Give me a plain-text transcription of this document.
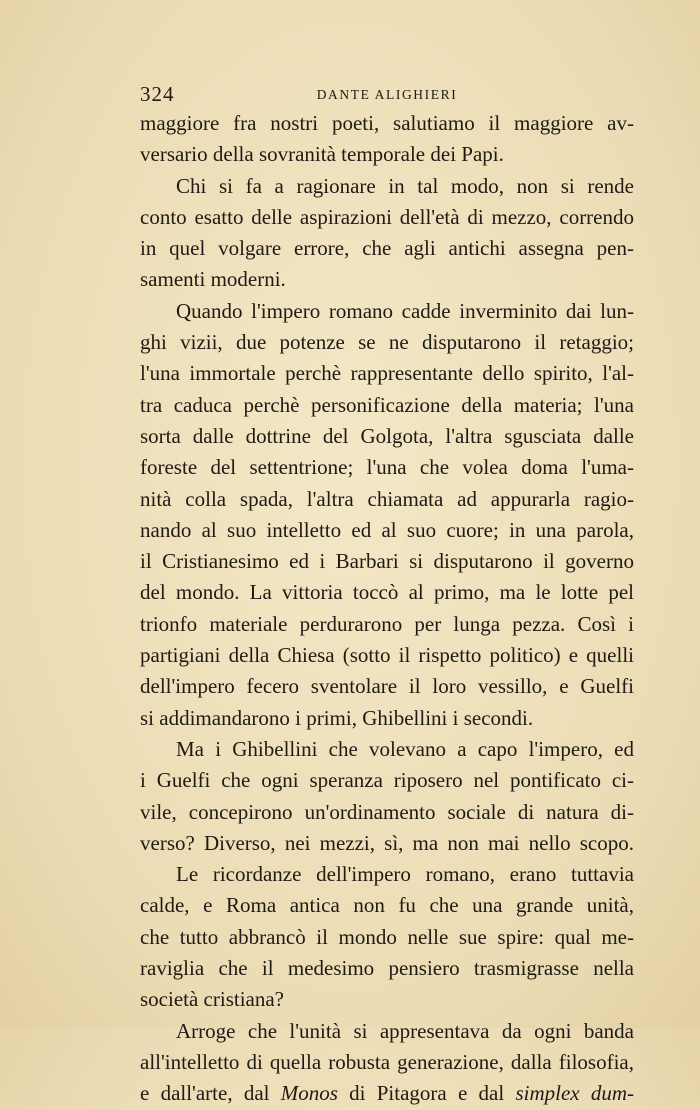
324	DANTE ALIGHIERI
maggiore fra nostri poeti, salutiamo il maggiore av-
versario della sovranità temporale dei Papi.
Chi si fa a ragionare in tal modo, non si rende
conto esatto delle aspirazioni dell'età di mezzo, correndo
in quel volgare errore, che agli antichi assegna pen-
samenti moderni.
Quando l'impero romano cadde inverminito dai lun-
ghi vizii, due potenze se ne disputarono il retaggio;
l'una immortale perchè rappresentante dello spirito, l'al-
tra caduca perchè personificazione della materia; l'una
sorta dalle dottrine del Golgota, l'altra sgusciata dalle
foreste del settentrione; l'una che volea doma l'uma-
nità colla spada, l'altra chiamata ad appurarla ragio-
nando al suo intelletto ed al suo cuore; in una parola,
il Cristianesimo ed i Barbari si disputarono il governo
del mondo. La vittoria toccò al primo, ma le lotte pel
trionfo materiale perdurarono per lunga pezza. Così i
partigiani della Chiesa (sotto il rispetto politico) e quelli
dell'impero fecero sventolare il loro vessillo, e Guelfi
si addimandarono i primi, Ghibellini i secondi.
Ma i Ghibellini che volevano a capo l'impero, ed
i Guelfi che ogni speranza riposero nel pontificato ci-
vile, concepirono un'ordinamento sociale di natura di-
verso? Diverso, nei mezzi, sì, ma non mai nello scopo.
Le ricordanze dell'impero romano, erano tuttavia
calde, e Roma antica non fu che una grande unità,
che tutto abbrancò il mondo nelle sue spire: qual me-
raviglia che il medesimo pensiero trasmigrasse nella
società cristiana?
Arroge che l'unità si appresentava da ogni banda
all'intelletto di quella robusta generazione, dalla filosofia,
e dall'arte, dal Monos di Pitagora e dal simplex dum-
